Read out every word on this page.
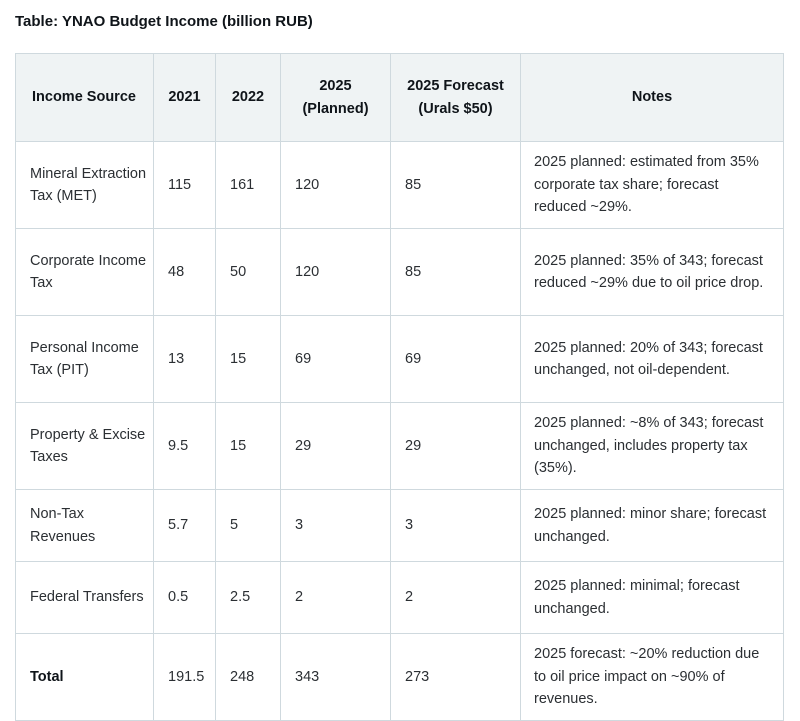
Table: YNAO Budget Income (billion RUB)
Income Source	2021	2022	2025 (Planned)	2025 Forecast (Urals $50)	Notes
Mineral Extraction Tax (MET)	115	161	120	85	2025 planned: estimated from 35% corporate tax share; forecast reduced ~29%.
Corporate Income Tax	48	50	120	85	2025 planned: 35% of 343; forecast reduced ~29% due to oil price drop.
Personal Income Tax (PIT)	13	15	69	69	2025 planned: 20% of 343; forecast unchanged, not oil-dependent.
Property & Excise Taxes	9.5	15	29	29	2025 planned: ~8% of 343; forecast unchanged, includes property tax (35%).
Non-Tax Revenues	5.7	5	3	3	2025 planned: minor share; forecast unchanged.
Federal Transfers	0.5	2.5	2	2	2025 planned: minimal; forecast unchanged.
Total	191.5	248	343	273	2025 forecast: ~20% reduction due to oil price impact on ~90% of revenues.
